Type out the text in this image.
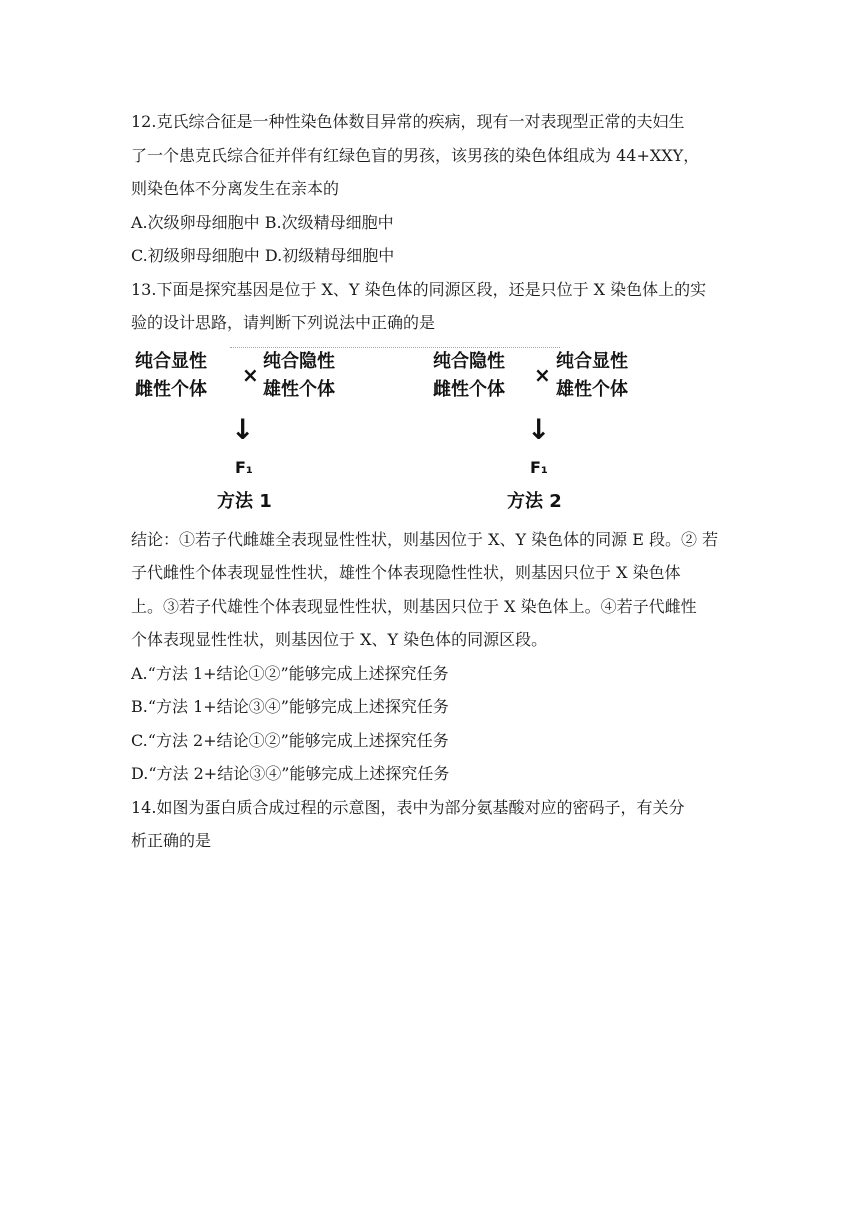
12.克氏综合征是一种性染色体数目异常的疾病，现有一对表现型正常的夫妇生
了一个患克氏综合征并伴有红绿色盲的男孩，该男孩的染色体组成为 44+XXY，
则染色体不分离发生在亲本的
A.次级卵母细胞中 B.次级精母细胞中
C.初级卵母细胞中 D.初级精母细胞中
13.下面是探究基因是位于 X、Y 染色体的同源区段，还是只位于 X 染色体上的实
验的设计思路，请判断下列说法中正确的是
纯合显性
雌性个体
×
纯合隐性
雄性个体
↓
F₁
方法 1
纯合隐性
雌性个体
×
纯合显性
雄性个体
↓
F₁
方法 2
结论：①若子代雌雄全表现显性性状，则基因位于 X、Y 染色体的同源 E 段。② 若
子代雌性个体表现显性性状，雄性个体表现隐性性状，则基因只位于 X 染色体
上。③若子代雄性个体表现显性性状，则基因只位于 X 染色体上。④若子代雌性
个体表现显性性状，则基因位于 X、Y 染色体的同源区段。
A.“方法 1+结论①②”能够完成上述探究任务
B.“方法 1+结论③④”能够完成上述探究任务
C.“方法 2+结论①②”能够完成上述探究任务
D.“方法 2+结论③④”能够完成上述探究任务
14.如图为蛋白质合成过程的示意图，表中为部分氨基酸对应的密码子，有关分
析正确的是
